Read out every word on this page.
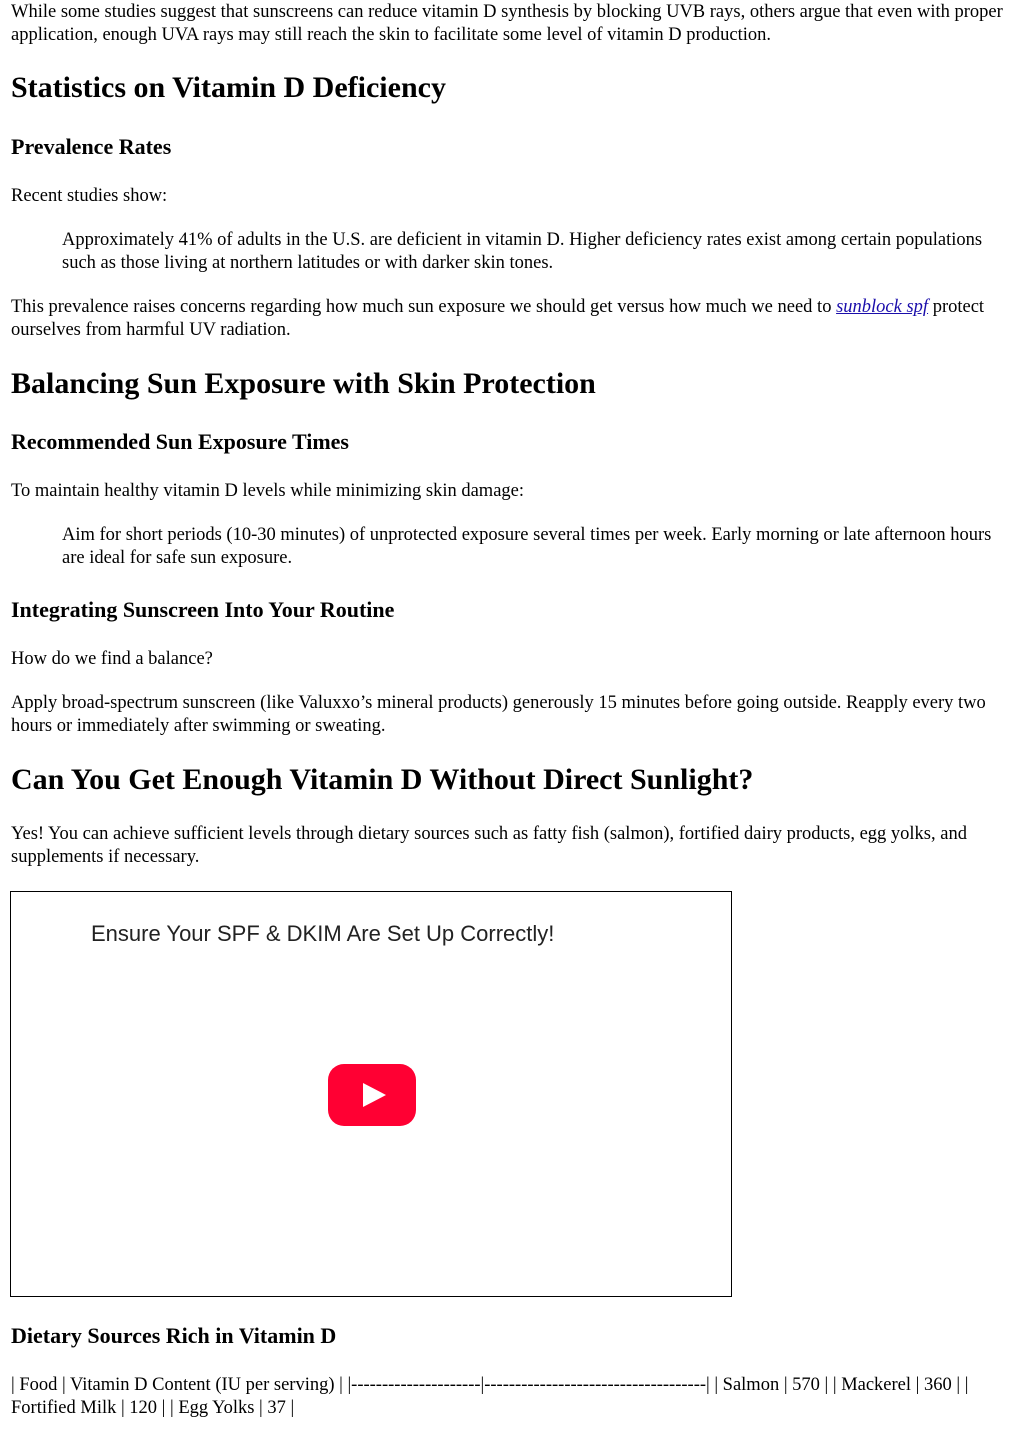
While some studies suggest that sunscreens can reduce vitamin D synthesis by blocking UVB rays, others argue that even with proper application, enough UVA rays may still reach the skin to facilitate some level of vitamin D production.

Statistics on Vitamin D Deficiency
Prevalence Rates

Recent studies show:

Approximately 41% of adults in the U.S. are deficient in vitamin D. Higher deficiency rates exist among certain populations such as those living at northern latitudes or with darker skin tones.

This prevalence raises concerns regarding how much sun exposure we should get versus how much we need to sunblock spf protect ourselves from harmful UV radiation.

Balancing Sun Exposure with Skin Protection
Recommended Sun Exposure Times

To maintain healthy vitamin D levels while minimizing skin damage:

Aim for short periods (10-30 minutes) of unprotected exposure several times per week. Early morning or late afternoon hours are ideal for safe sun exposure.

Integrating Sunscreen Into Your Routine

How do we find a balance?

Apply broad-spectrum sunscreen (like Valuxxo’s mineral products) generously 15 minutes before going outside. Reapply every two hours or immediately after swimming or sweating.

Can You Get Enough Vitamin D Without Direct Sunlight?

Yes! You can achieve sufficient levels through dietary sources such as fatty fish (salmon), fortified dairy products, egg yolks, and supplements if necessary.

Ensure Your SPF & DKIM Are Set Up Correctly!
Dietary Sources Rich in Vitamin D

| Food | Vitamin D Content (IU per serving) | |---------------------|------------------------------------| | Salmon | 570 | | Mackerel | 360 | | Fortified Milk | 120 | | Egg Yolks | 37 |
